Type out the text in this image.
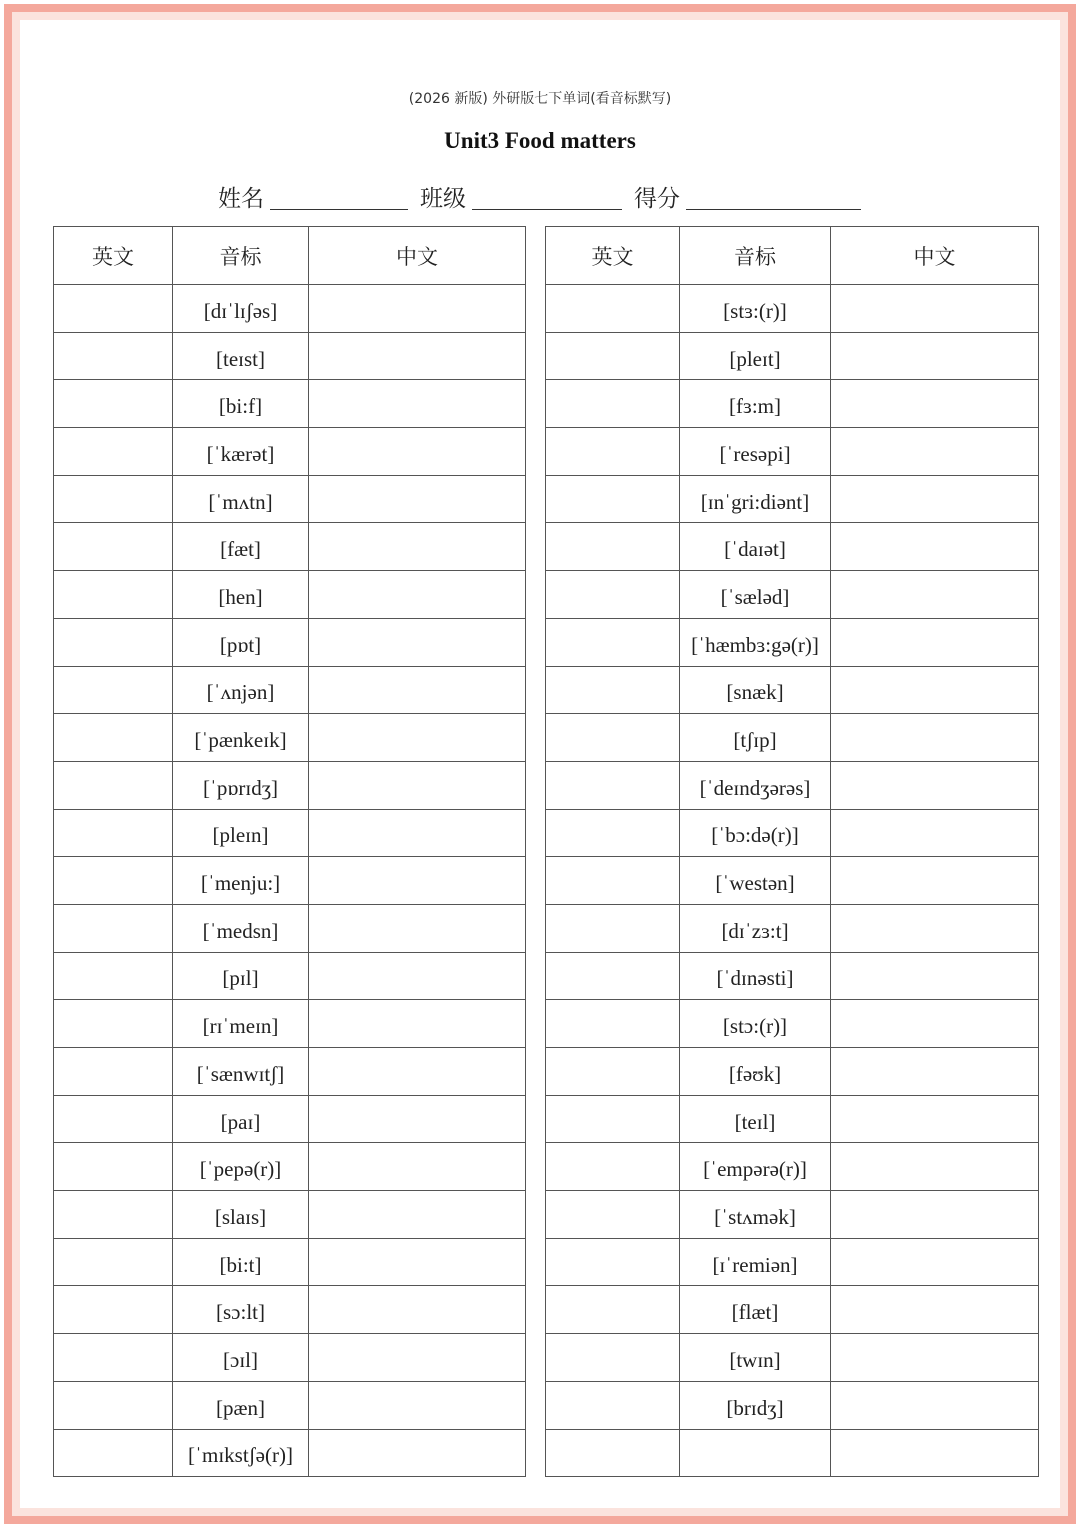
(2026 新版) 外研版七下单词(看音标默写)
Unit3 Food matters
姓名	班级	得分
英文	音标	中文
	[dɪˈlɪʃəs]	
	[teɪst]	
	[bi:f]	
	[ˈkærət]	
	[ˈmʌtn]	
	[fæt]	
	[hen]	
	[pɒt]	
	[ˈʌnjən]	
	[ˈpænkeɪk]	
	[ˈpɒrɪdʒ]	
	[pleɪn]	
	[ˈmenju:]	
	[ˈmedsn]	
	[pɪl]	
	[rɪˈmeɪn]	
	[ˈsænwɪtʃ]	
	[paɪ]	
	[ˈpepə(r)]	
	[slaɪs]	
	[bi:t]	
	[sɔ:lt]	
	[ɔɪl]	
	[pæn]	
	[ˈmɪkstʃə(r)]	
英文	音标	中文
	[stɜ:(r)]	
	[pleɪt]	
	[fɜ:m]	
	[ˈresəpi]	
	[ɪnˈgri:diənt]	
	[ˈdaɪət]	
	[ˈsæləd]	
	[ˈhæmbɜ:gə(r)]	
	[snæk]	
	[tʃɪp]	
	[ˈdeɪndʒərəs]	
	[ˈbɔ:də(r)]	
	[ˈwestən]	
	[dɪˈzɜ:t]	
	[ˈdɪnəsti]	
	[stɔ:(r)]	
	[fəʊk]	
	[teɪl]	
	[ˈempərə(r)]	
	[ˈstʌmək]	
	[ɪˈremiən]	
	[flæt]	
	[twɪn]	
	[brɪdʒ]	
